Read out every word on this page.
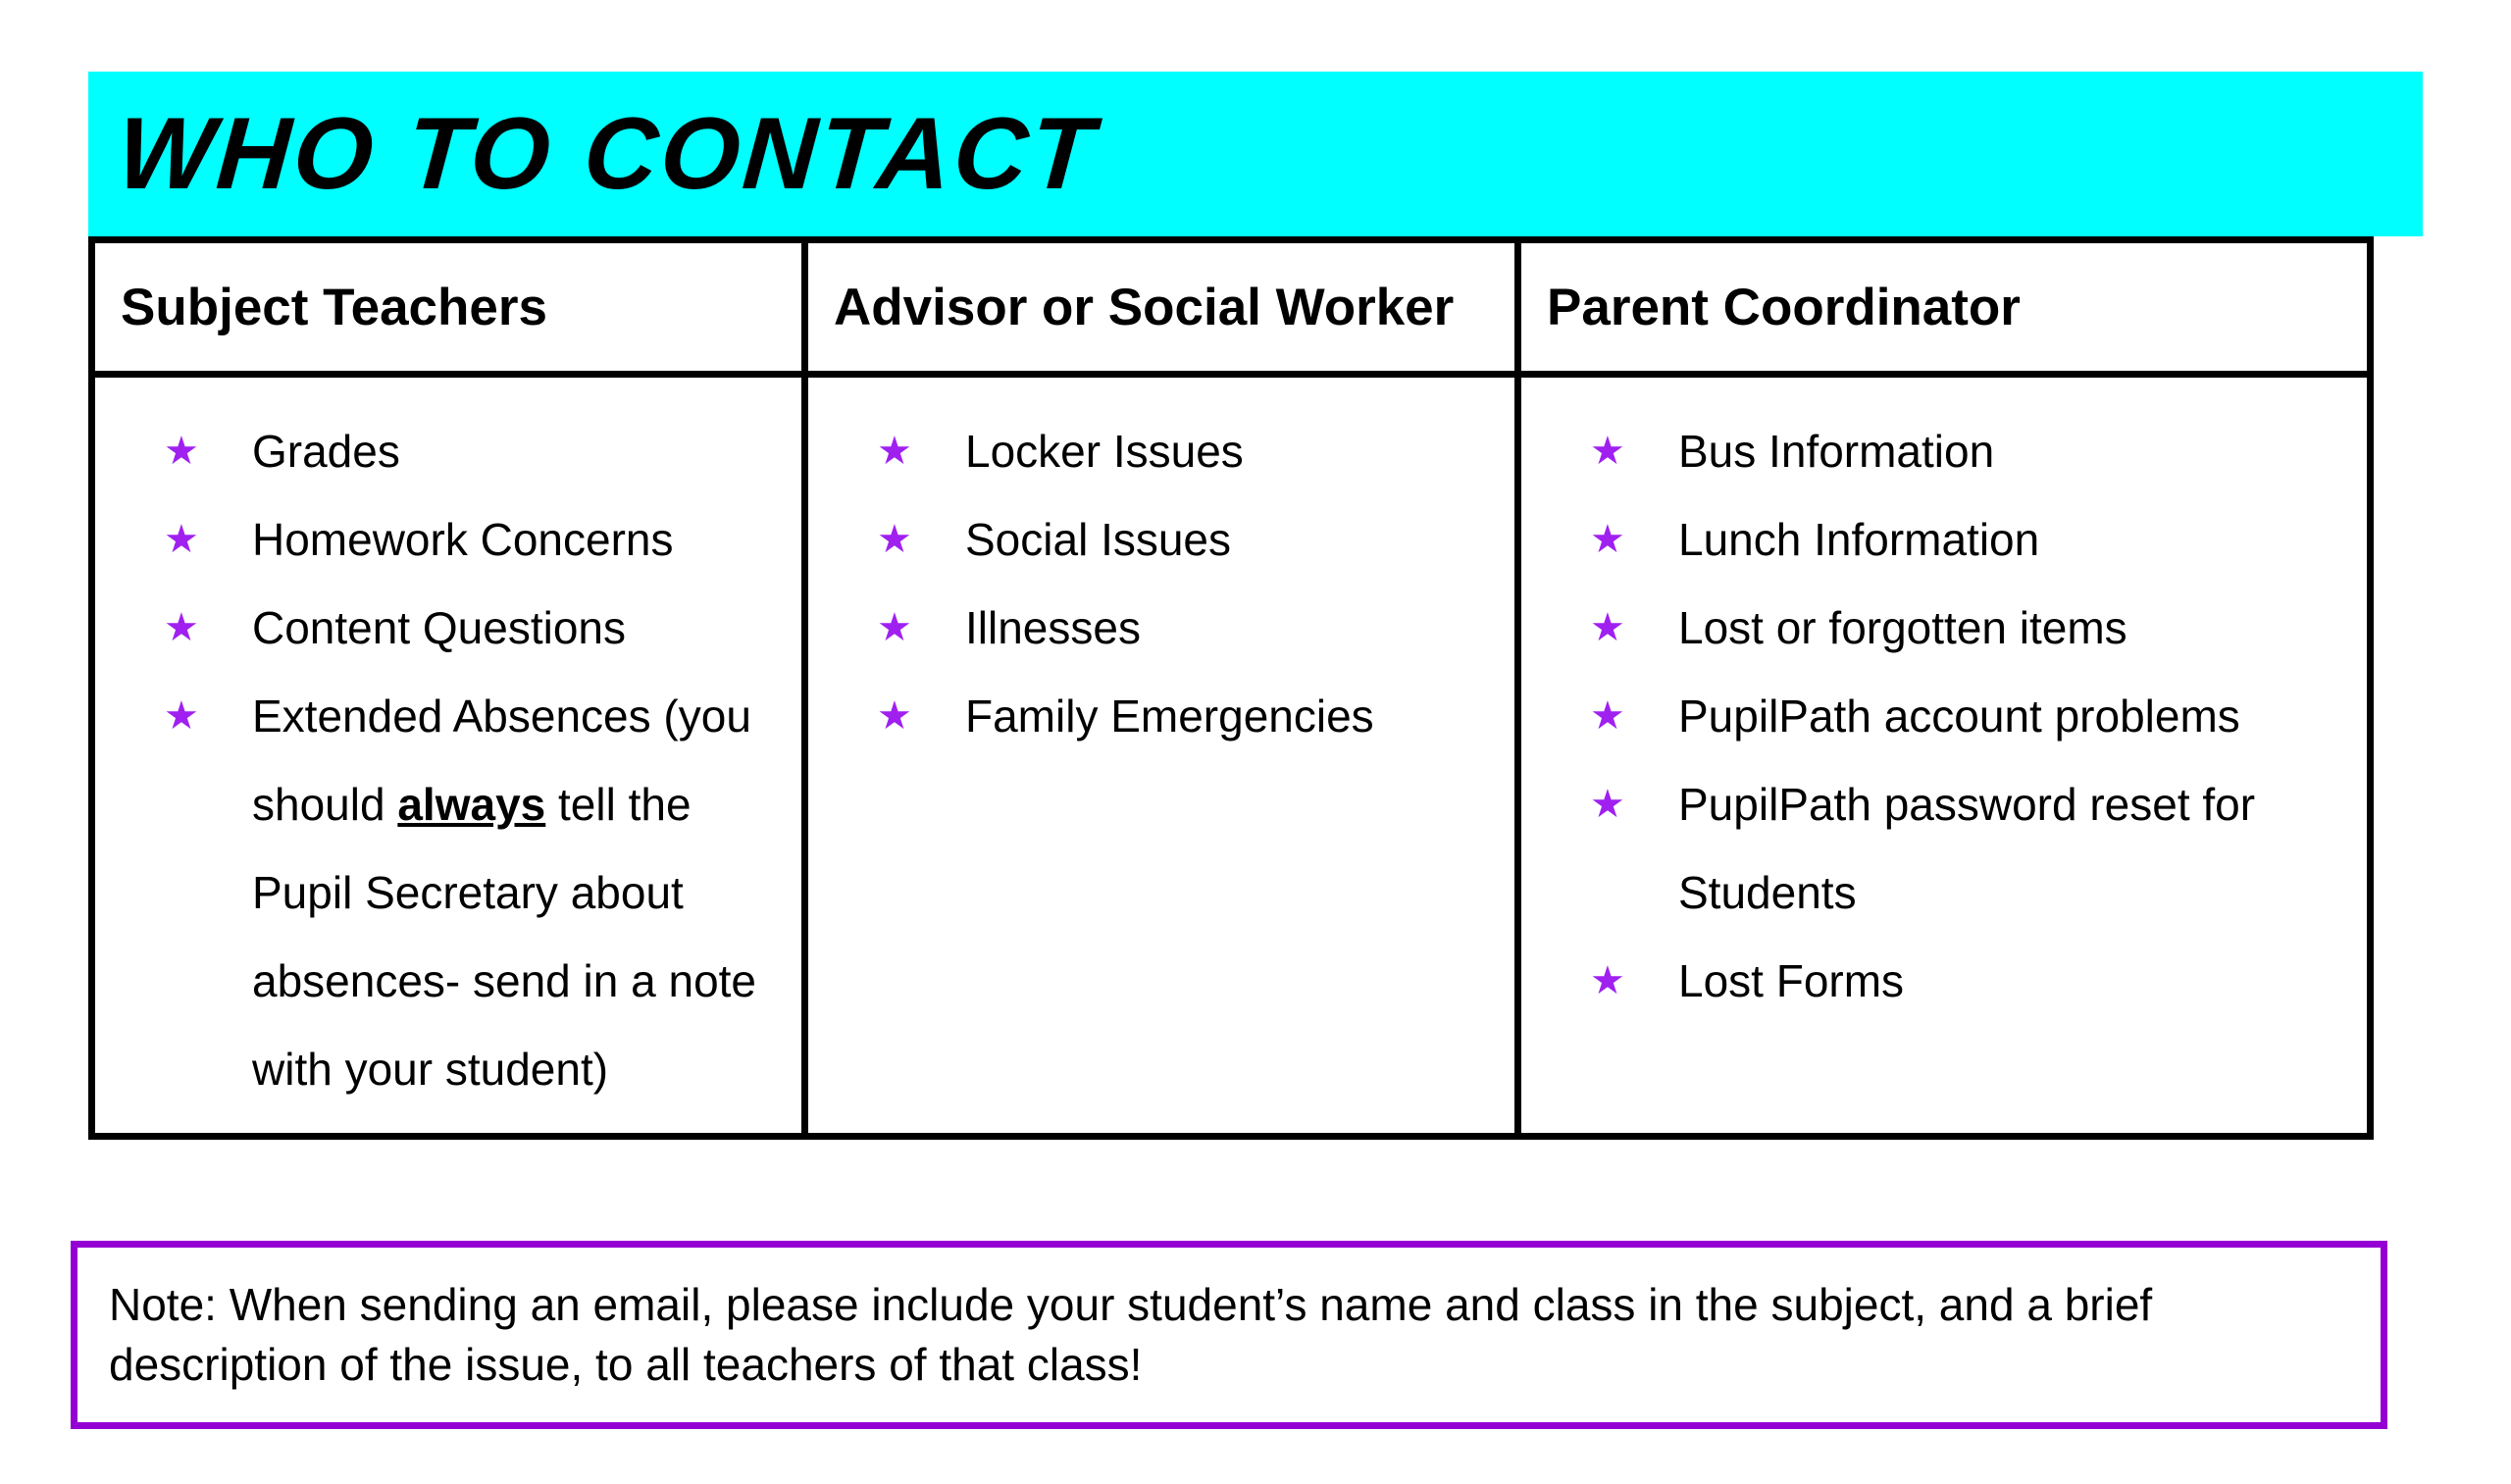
WHO TO CONTACT
Subject Teachers	Advisor or Social Worker	Parent Coordinator

★	Grades
★	Homework Concerns
★	Content Questions
★	Extended Absences (you should always tell the Pupil Secretary about absences- send in a note with your student)

★	Locker Issues
★	Social Issues
★	Illnesses
★	Family Emergencies

★	Bus Information
★	Lunch Information
★	Lost or forgotten items
★	PupilPath account problems
★	PupilPath password reset for Students
★	Lost Forms
Note: When sending an email, please include your student’s name and class in the subject, and a brief description of the issue, to all teachers of that class!
